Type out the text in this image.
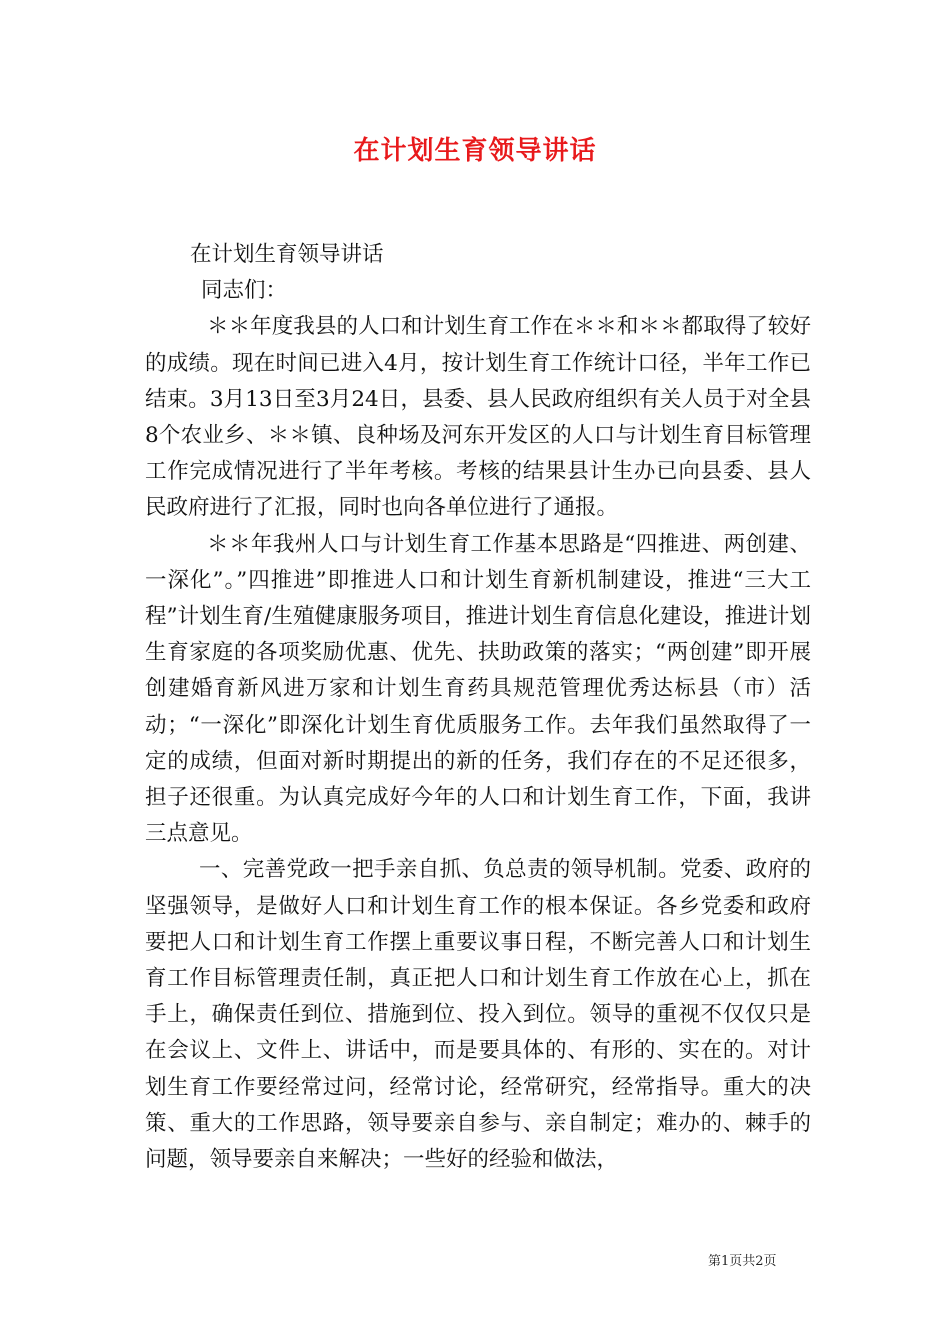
在计划生育领导讲话

在计划生育领导讲话

同志们：

＊＊年度我县的人口和计划生育工作在＊＊和＊＊都取得了较好的成绩。现在时间已进入4月，按计划生育工作统计口径，半年工作已结束。3月13日至3月24日，县委、县人民政府组织有关人员于对全县8个农业乡、＊＊镇、良种场及河东开发区的人口与计划生育目标管理工作完成情况进行了半年考核。考核的结果县计生办已向县委、县人民政府进行了汇报，同时也向各单位进行了通报。

＊＊年我州人口与计划生育工作基本思路是“四推进、两创建、一深化”。”四推进”即推进人口和计划生育新机制建设，推进“三大工程”计划生育/生殖健康服务项目，推进计划生育信息化建设，推进计划生育家庭的各项奖励优惠、优先、扶助政策的落实；“两创建”即开展创建婚育新风进万家和计划生育药具规范管理优秀达标县（市）活动；“一深化”即深化计划生育优质服务工作。去年我们虽然取得了一定的成绩，但面对新时期提出的新的任务，我们存在的不足还很多，担子还很重。为认真完成好今年的人口和计划生育工作，下面，我讲三点意见。

一、完善党政一把手亲自抓、负总责的领导机制。党委、政府的坚强领导，是做好人口和计划生育工作的根本保证。各乡党委和政府要把人口和计划生育工作摆上重要议事日程，不断完善人口和计划生育工作目标管理责任制，真正把人口和计划生育工作放在心上，抓在手上，确保责任到位、措施到位、投入到位。领导的重视不仅仅只是在会议上、文件上、讲话中，而是要具体的、有形的、实在的。对计划生育工作要经常过问，经常讨论，经常研究，经常指导。重大的决策、重大的工作思路，领导要亲自参与、亲自制定；难办的、棘手的问题，领导要亲自来解决；一些好的经验和做法，

第1页共2页
